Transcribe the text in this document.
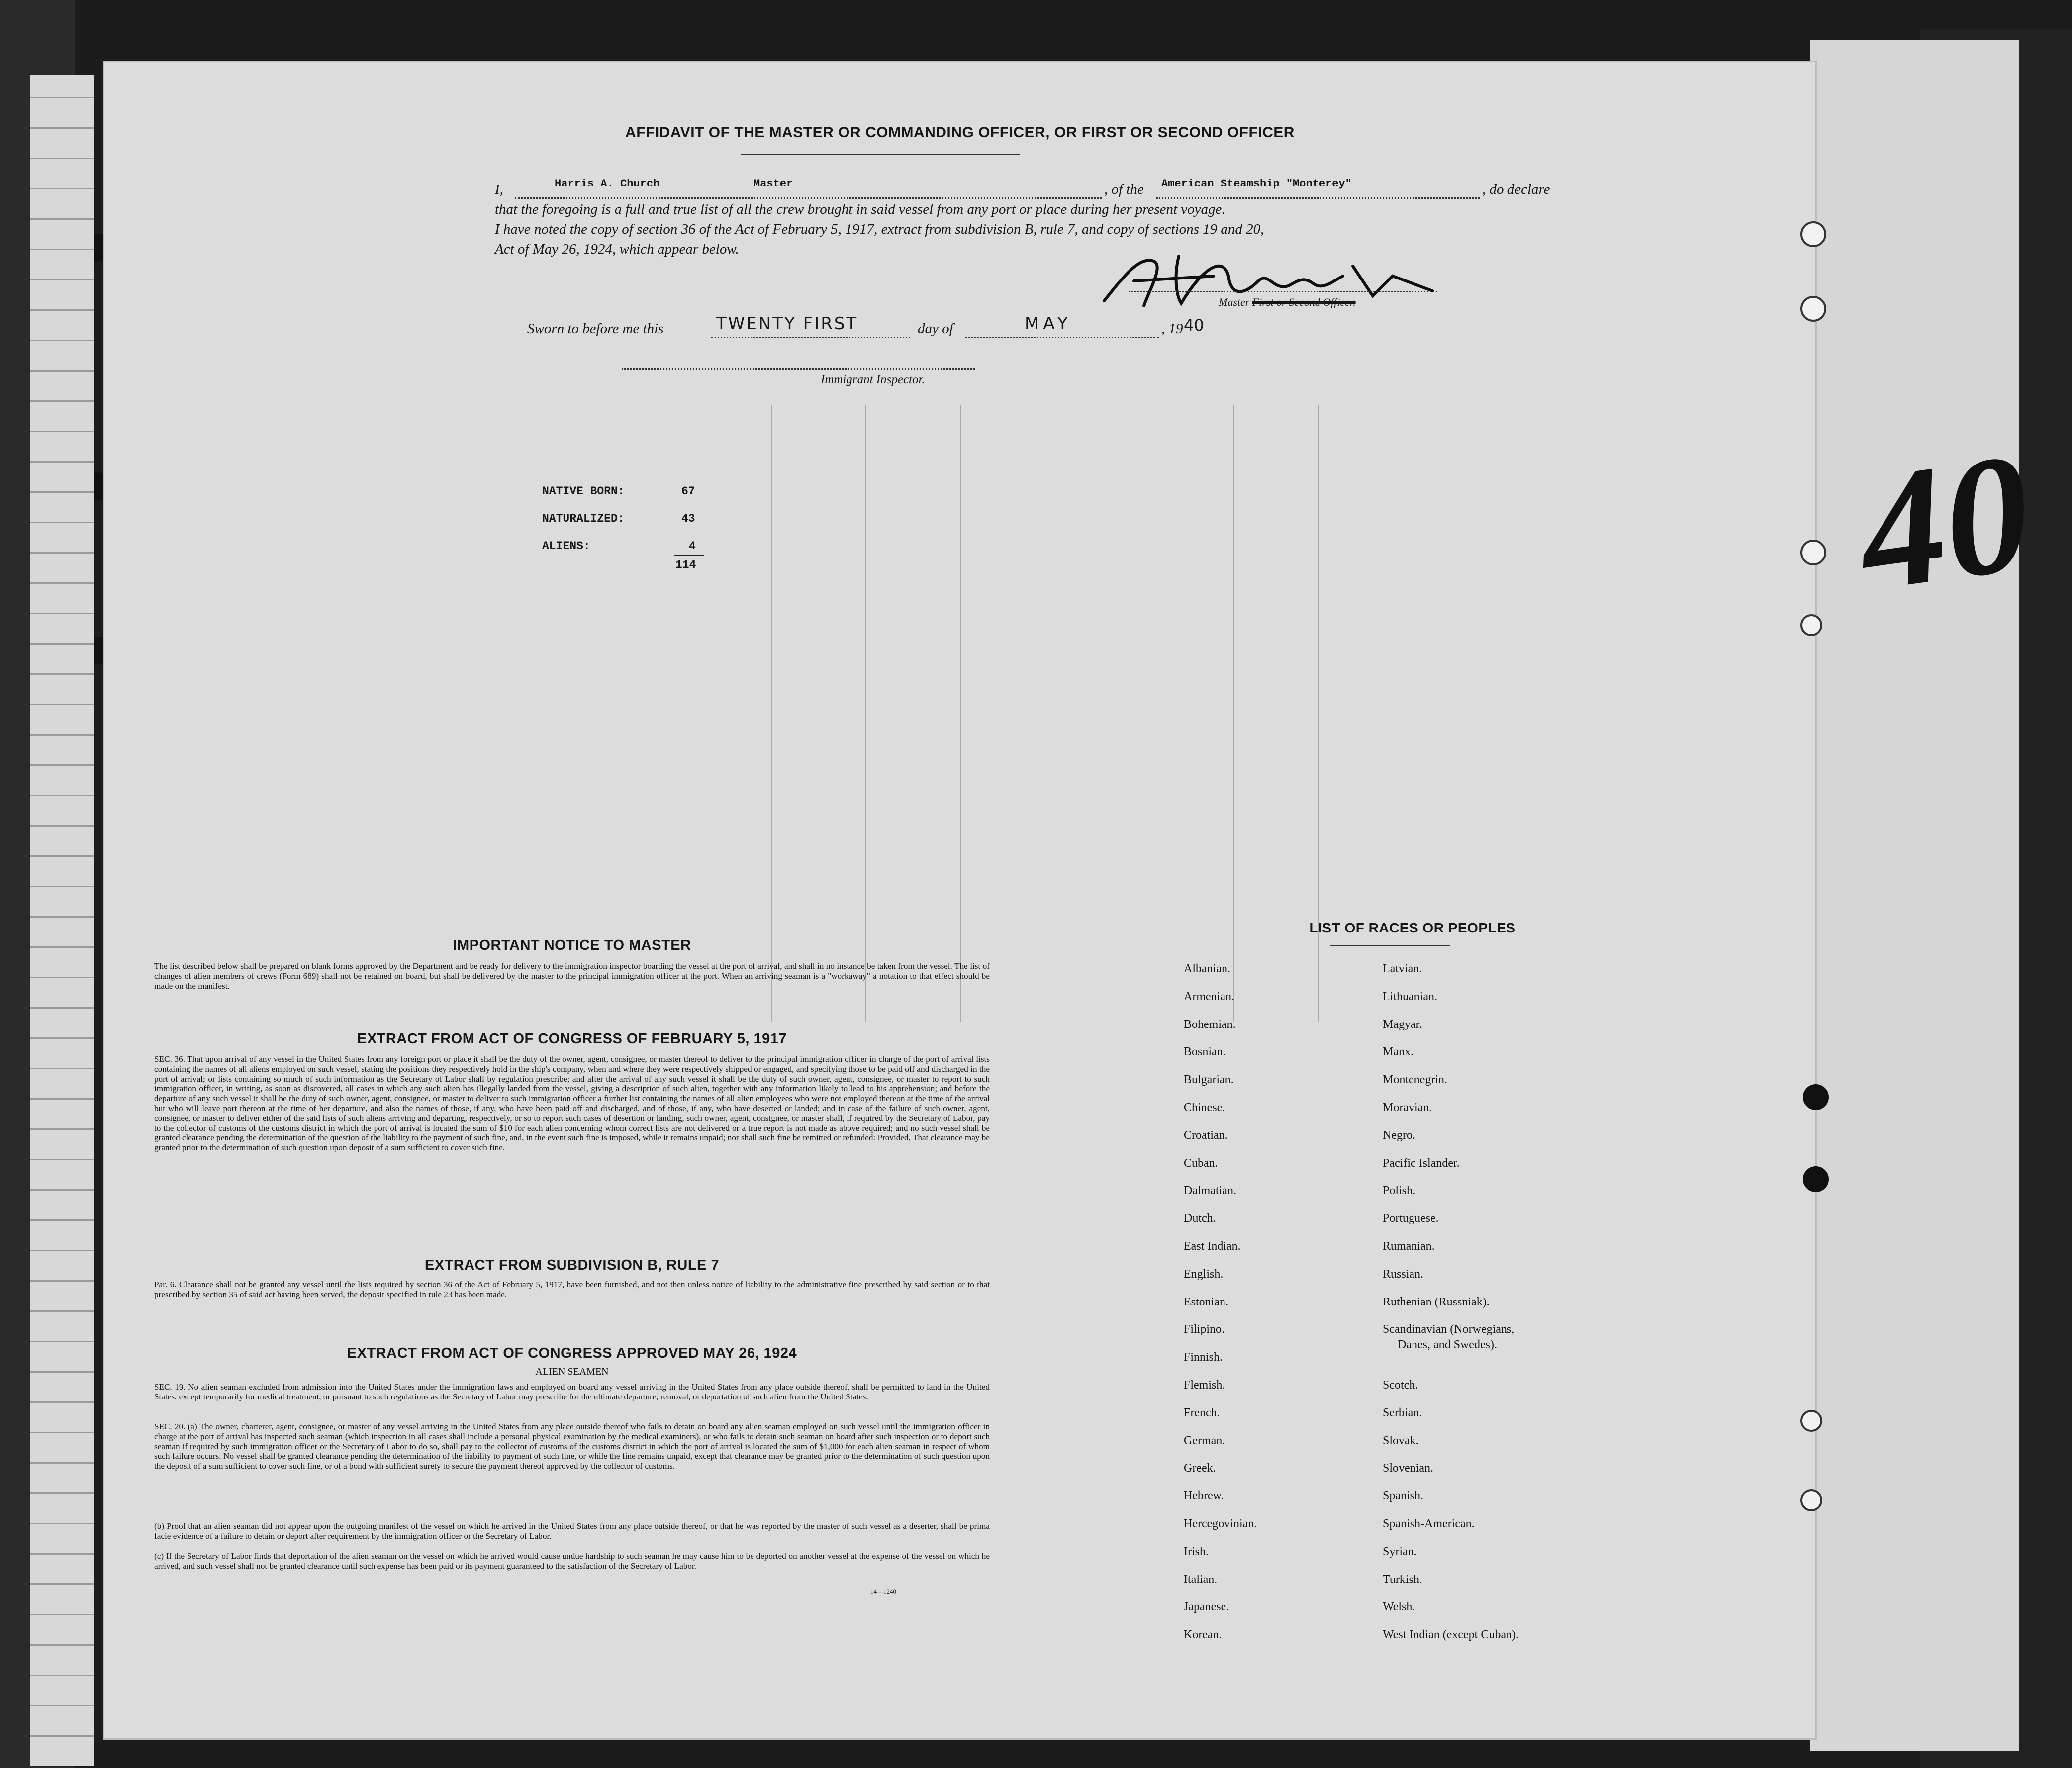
40
AFFIDAVIT OF THE MASTER OR COMMANDING OFFICER, OR FIRST OR SECOND OFFICER
I,	Harris A. Church	Master	, of the American Steamship "Monterey"	, do declare
that the foregoing is a full and true list of all the crew brought in said vessel from any port or place during her present voyage.
I have noted the copy of section 36 of the Act of February 5, 1917, extract from subdivision B, rule 7, and copy of sections 19 and 20,
Act of May 26, 1924, which appear below.
Master First or Second Officer.
Sworn to before me this	TWENTY FIRST	day of	MAY	, 19 40
Immigrant Inspector.
NATIVE BORN:	67
NATURALIZED:	43
ALIENS:	4
114
IMPORTANT NOTICE TO MASTER
The list described below shall be prepared on blank forms approved by the Department and be ready for delivery to the immigration inspector boarding the vessel at the port of arrival, and shall in no instance be taken from the vessel. The list of changes of alien members of crews (Form 689) shall not be retained on board, but shall be delivered by the master to the principal immigration officer at the port. When an arriving seaman is a "workaway" a notation to that effect should be made on the manifest.
EXTRACT FROM ACT OF CONGRESS OF FEBRUARY 5, 1917
SEC. 36. That upon arrival of any vessel in the United States from any foreign port or place it shall be the duty of the owner, agent, consignee, or master thereof to deliver to the principal immigration officer in charge of the port of arrival lists containing the names of all aliens employed on such vessel, stating the positions they respectively hold in the ship's company, when and where they were respectively shipped or engaged, and specifying those to be paid off and discharged in the port of arrival; or lists containing so much of such information as the Secretary of Labor shall by regulation prescribe; and after the arrival of any such vessel it shall be the duty of such owner, agent, consignee, or master to report to such immigration officer, in writing, as soon as discovered, all cases in which any such alien has illegally landed from the vessel, giving a description of such alien, together with any information likely to lead to his apprehension; and before the departure of any such vessel it shall be the duty of such owner, agent, consignee, or master to deliver to such immigration officer a further list containing the names of all alien employees who were not employed thereon at the time of the arrival but who will leave port thereon at the time of her departure, and also the names of those, if any, who have been paid off and discharged, and of those, if any, who have deserted or landed; and in case of the failure of such owner, agent, consignee, or master to deliver either of the said lists of such aliens arriving and departing, respectively, or so to report such cases of desertion or landing, such owner, agent, consignee, or master shall, if required by the Secretary of Labor, pay to the collector of customs of the customs district in which the port of arrival is located the sum of $10 for each alien concerning whom correct lists are not delivered or a true report is not made as above required; and no such vessel shall be granted clearance pending the determination of the question of the liability to the payment of such fine, and, in the event such fine is imposed, while it remains unpaid; nor shall such fine be remitted or refunded: Provided, That clearance may be granted prior to the determination of such question upon deposit of a sum sufficient to cover such fine.
EXTRACT FROM SUBDIVISION B, RULE 7
Par. 6. Clearance shall not be granted any vessel until the lists required by section 36 of the Act of February 5, 1917, have been furnished, and not then unless notice of liability to the administrative fine prescribed by said section or to that prescribed by section 35 of said act having been served, the deposit specified in rule 23 has been made.
EXTRACT FROM ACT OF CONGRESS APPROVED MAY 26, 1924
ALIEN SEAMEN
SEC. 19. No alien seaman excluded from admission into the United States under the immigration laws and employed on board any vessel arriving in the United States from any place outside thereof, shall be permitted to land in the United States, except temporarily for medical treatment, or pursuant to such regulations as the Secretary of Labor may prescribe for the ultimate departure, removal, or deportation of such alien from the United States.
SEC. 20. (a) The owner, charterer, agent, consignee, or master of any vessel arriving in the United States from any place outside thereof who fails to detain on board any alien seaman employed on such vessel until the immigration officer in charge at the port of arrival has inspected such seaman (which inspection in all cases shall include a personal physical examination by the medical examiners), or who fails to detain such seaman on board after such inspection or to deport such seaman if required by such immigration officer or the Secretary of Labor to do so, shall pay to the collector of customs of the customs district in which the port of arrival is located the sum of $1,000 for each alien seaman in respect of whom such failure occurs. No vessel shall be granted clearance pending the determination of the liability to payment of such fine, or while the fine remains unpaid, except that clearance may be granted prior to the determination of such question upon the deposit of a sum sufficient to cover such fine, or of a bond with sufficient surety to secure the payment thereof approved by the collector of customs.
(b) Proof that an alien seaman did not appear upon the outgoing manifest of the vessel on which he arrived in the United States from any place outside thereof, or that he was reported by the master of such vessel as a deserter, shall be prima facie evidence of a failure to detain or deport after requirement by the immigration officer or the Secretary of Labor.
(c) If the Secretary of Labor finds that deportation of the alien seaman on the vessel on which he arrived would cause undue hardship to such seaman he may cause him to be deported on another vessel at the expense of the vessel on which he arrived, and such vessel shall not be granted clearance until such expense has been paid or its payment guaranteed to the satisfaction of the Secretary of Labor.
14—1240
LIST OF RACES OR PEOPLES
Albanian.
Armenian.
Bohemian.
Bosnian.
Bulgarian.
Chinese.
Croatian.
Cuban.
Dalmatian.
Dutch.
East Indian.
English.
Estonian.
Filipino.
Finnish.
Flemish.
French.
German.
Greek.
Hebrew.
Hercegovinian.
Irish.
Italian.
Japanese.
Korean.
Latvian.
Lithuanian.
Magyar.
Manx.
Montenegrin.
Moravian.
Negro.
Pacific Islander.
Polish.
Portuguese.
Rumanian.
Russian.
Ruthenian (Russniak).
Scandinavian (Norwegians,
Danes, and Swedes).
Scotch.
Serbian.
Slovak.
Slovenian.
Spanish.
Spanish-American.
Syrian.
Turkish.
Welsh.
West Indian (except Cuban).
